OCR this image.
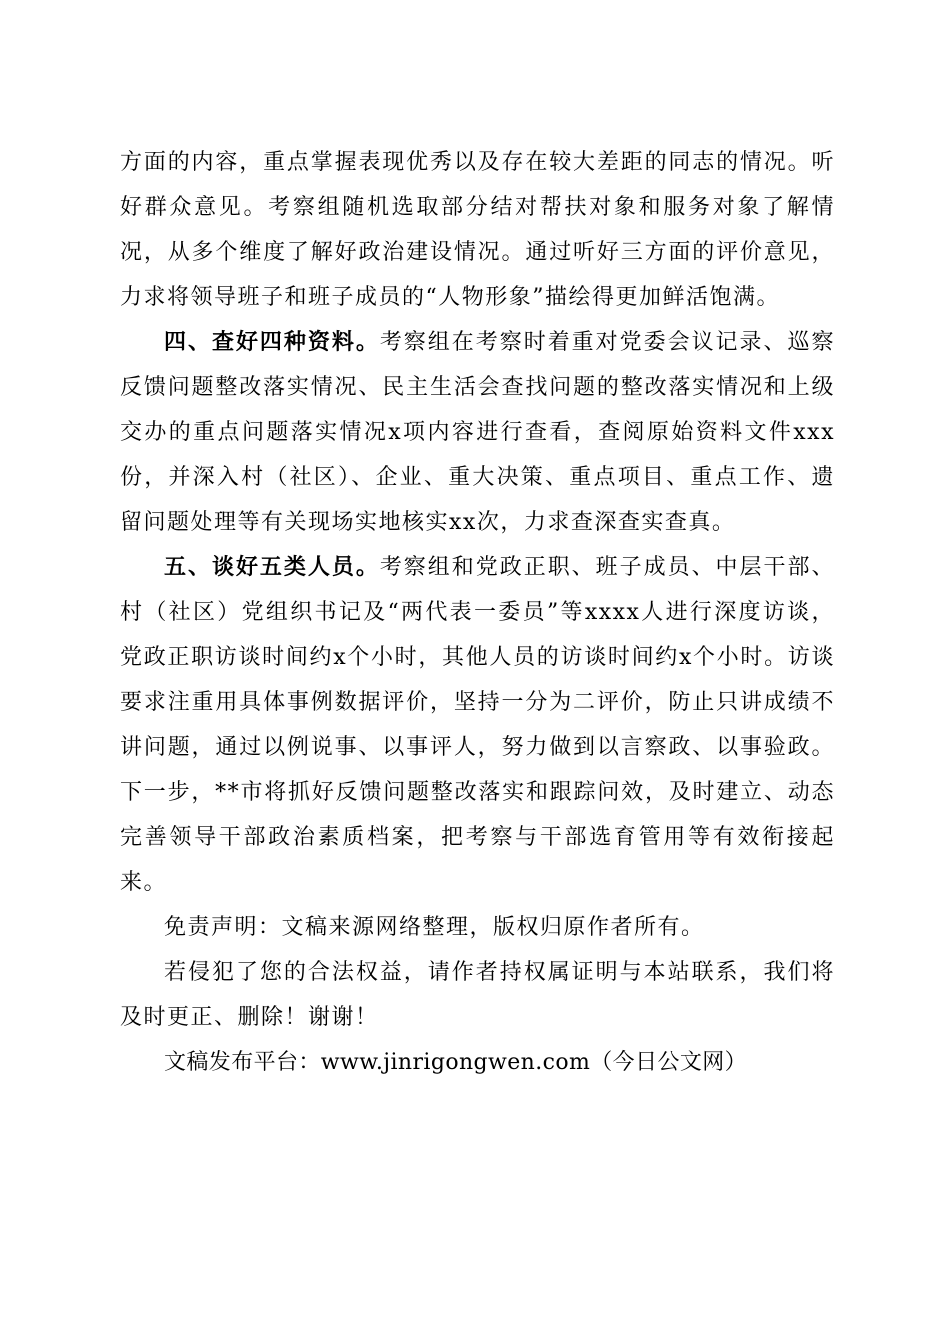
方面的内容，重点掌握表现优秀以及存在较大差距的同志的情况。听好群众意见。考察组随机选取部分结对帮扶对象和服务对象了解情况，从多个维度了解好政治建设情况。通过听好三方面的评价意见，力求将领导班子和班子成员的“人物形象”描绘得更加鲜活饱满。

四、查好四种资料。考察组在考察时着重对党委会议记录、巡察反馈问题整改落实情况、民主生活会查找问题的整改落实情况和上级交办的重点问题落实情况x项内容进行查看，查阅原始资料文件xxx份，并深入村（社区）、企业、重大决策、重点项目、重点工作、遗留问题处理等有关现场实地核实xx次，力求查深查实查真。

五、谈好五类人员。考察组和党政正职、班子成员、中层干部、村（社区）党组织书记及“两代表一委员”等xxxx人进行深度访谈，党政正职访谈时间约x个小时，其他人员的访谈时间约x个小时。访谈要求注重用具体事例数据评价，坚持一分为二评价，防止只讲成绩不讲问题，通过以例说事、以事评人，努力做到以言察政、以事验政。下一步，**市将抓好反馈问题整改落实和跟踪问效，及时建立、动态完善领导干部政治素质档案，把考察与干部选育管用等有效衔接起来。

免责声明：文稿来源网络整理，版权归原作者所有。

若侵犯了您的合法权益，请作者持权属证明与本站联系，我们将及时更正、删除！谢谢！

文稿发布平台：www.jinrigongwen.com（今日公文网）
